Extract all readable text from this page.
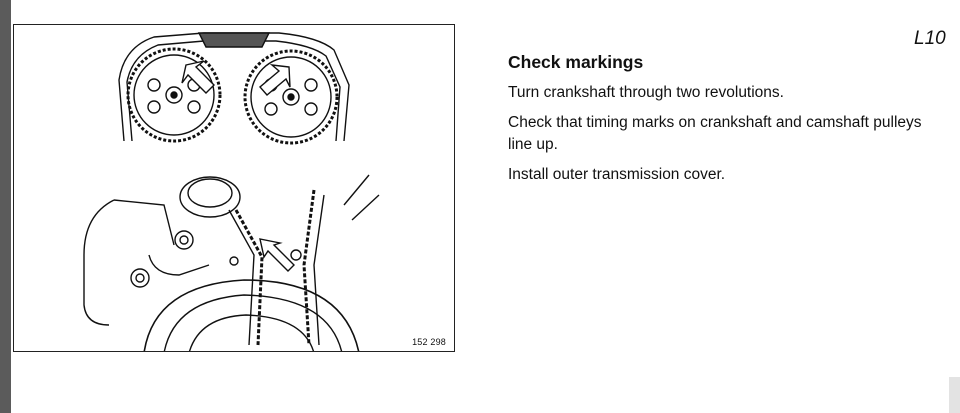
152 298
L10
Check markings

Turn crankshaft through two revolutions.

Check that timing marks on crankshaft and camshaft pulleys line up.

Install outer transmission cover.
